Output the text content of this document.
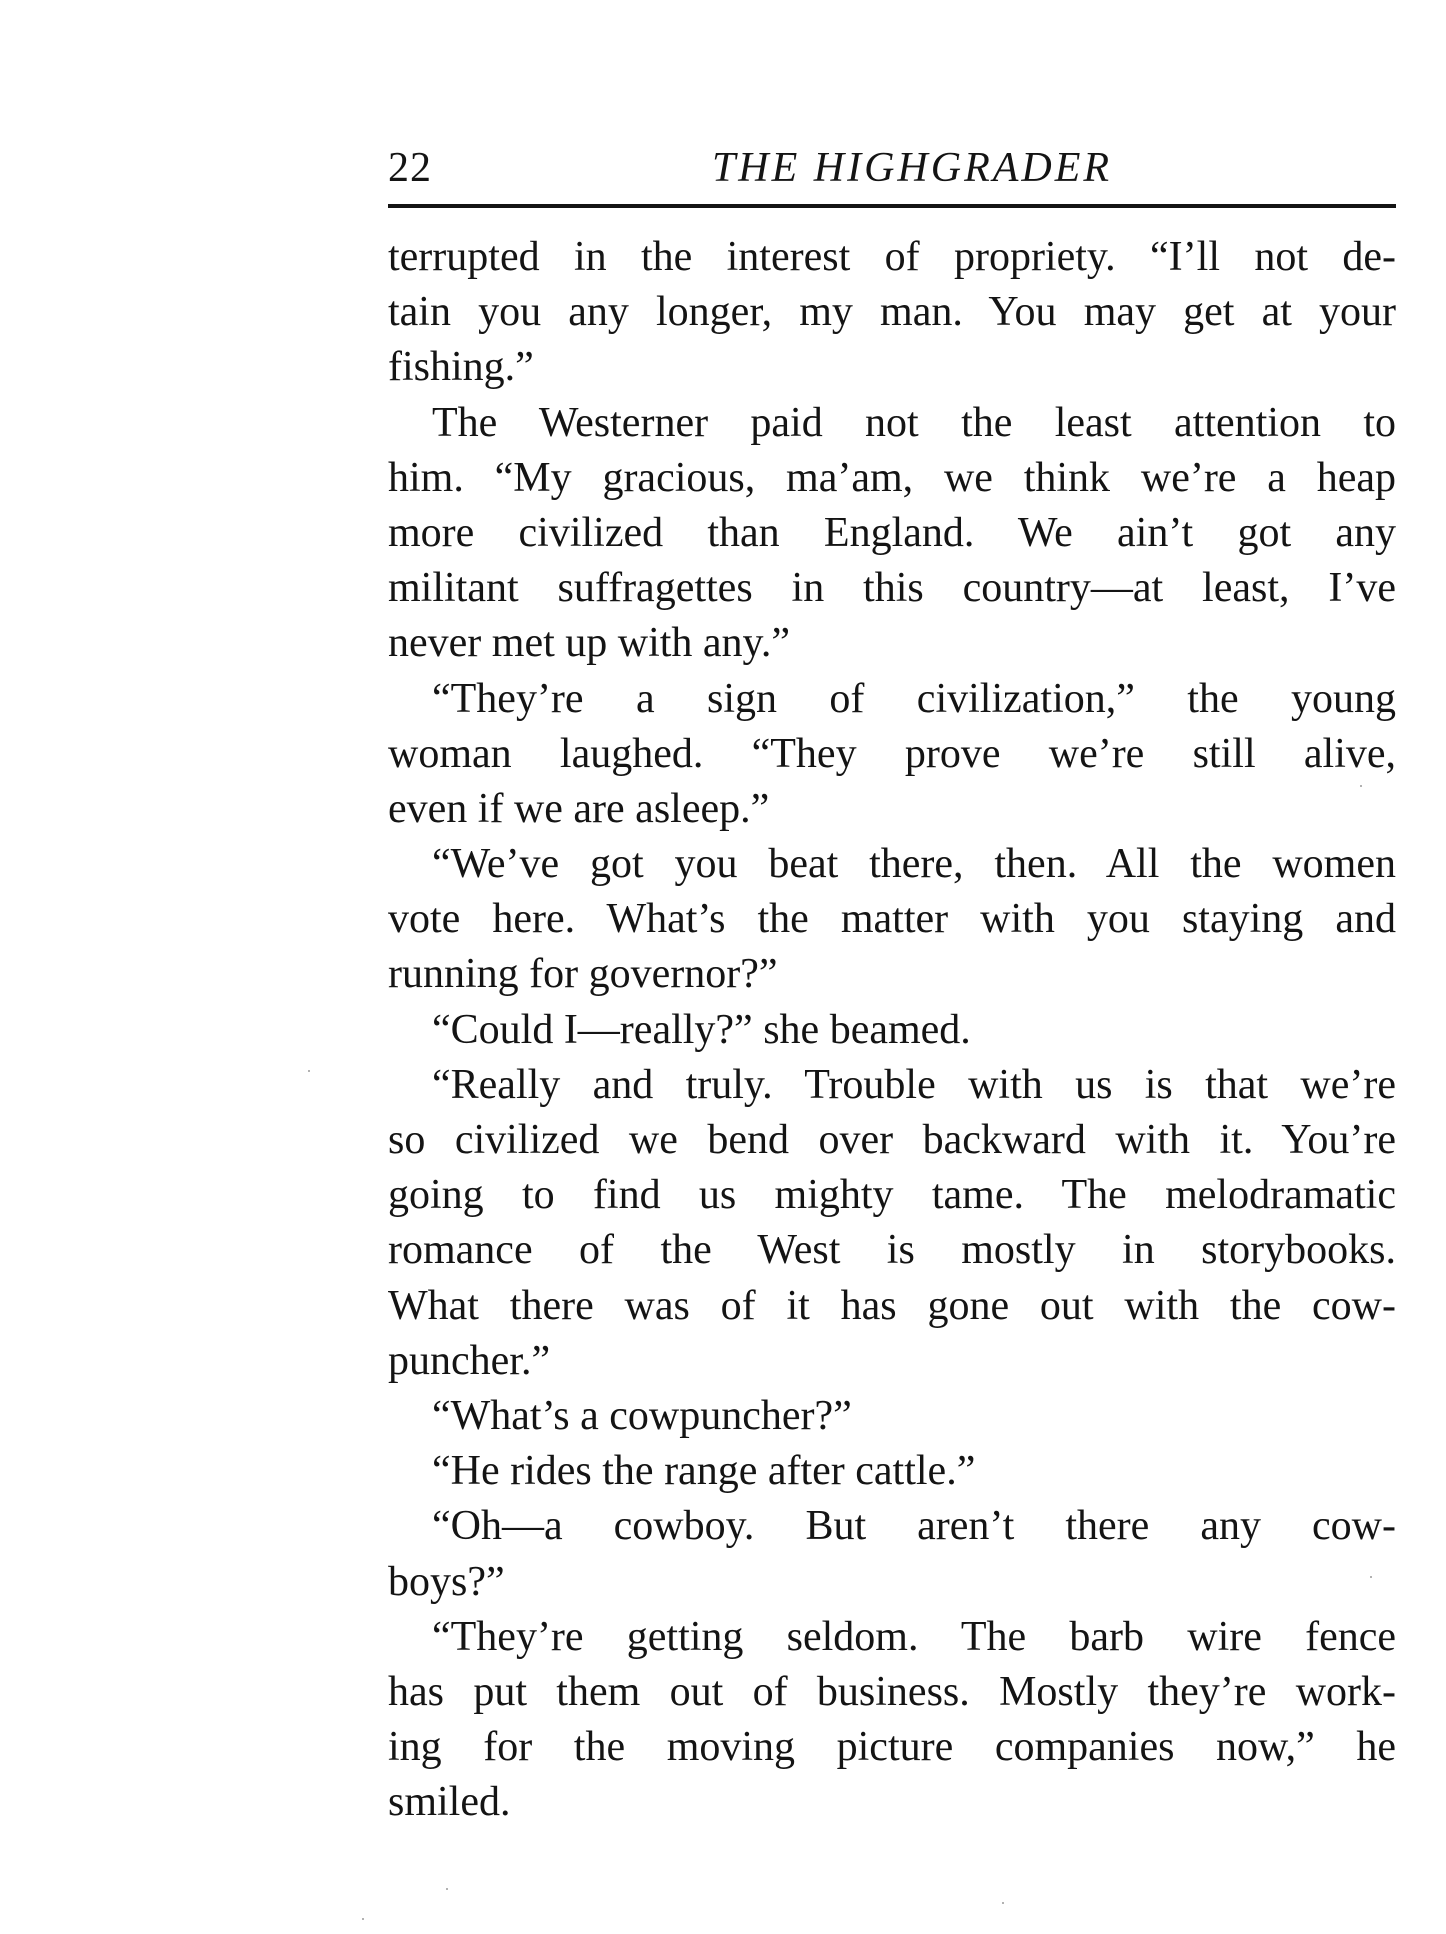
22	THE HIGHGRADER
terrupted in the interest of propriety. “I’ll not de-
tain you any longer, my man. You may get at your
fishing.”
The Westerner paid not the least attention to
him. “My gracious, ma’am, we think we’re a heap
more civilized than England. We ain’t got any
militant suffragettes in this country—at least, I’ve
never met up with any.”
“They’re a sign of civilization,” the young
woman laughed. “They prove we’re still alive,
even if we are asleep.”
“We’ve got you beat there, then. All the women
vote here. What’s the matter with you staying and
running for governor?”
“Could I—really?” she beamed.
“Really and truly. Trouble with us is that we’re
so civilized we bend over backward with it. You’re
going to find us mighty tame. The melodramatic
romance of the West is mostly in storybooks.
What there was of it has gone out with the cow-
puncher.”
“What’s a cowpuncher?”
“He rides the range after cattle.”
“Oh—a cowboy. But aren’t there any cow-
boys?”
“They’re getting seldom. The barb wire fence
has put them out of business. Mostly they’re work-
ing for the moving picture companies now,” he
smiled.
